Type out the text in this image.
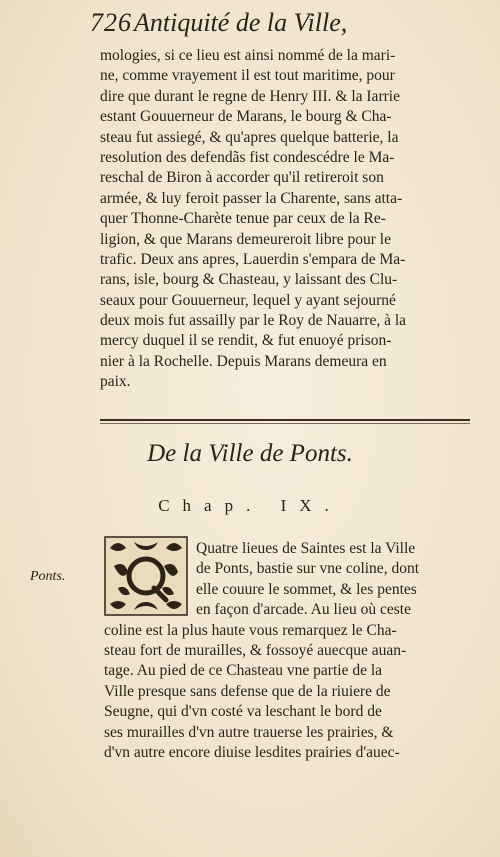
726 Antiquité de la Ville,
mologies, si ce lieu est ainsi nommé de la mari-
ne, comme vrayement il est tout maritime, pour
dire que durant le regne de Henry III. & la Iarrie
estant Gouuerneur de Marans, le bourg & Cha-
steau fut assiegé, & qu'apres quelque batterie, la
resolution des defendãs fist condescédre le Ma-
reschal de Biron à accorder qu'il retireroit son
armée, & luy feroit passer la Charente, sans atta-
quer Thonne-Charète tenue par ceux de la Re-
ligion, & que Marans demeureroit libre pour le
trafic. Deux ans apres, Lauerdin s'empara de Ma-
rans, isle, bourg & Chasteau, y laissant des Clu-
seaux pour Gouuerneur, lequel y ayant sejourné
deux mois fut assailly par le Roy de Nauarre, à la
mercy duquel il se rendit, & fut enuoyé prison-
nier à la Rochelle. Depuis Marans demeura en
paix.
De la Ville de Ponts.
Chap. IX.
Ponts.
Quatre lieues de Saintes est la Ville
de Ponts, bastie sur vne coline, dont
elle couure le sommet, & les pentes
en façon d'arcade. Au lieu où ceste
coline est la plus haute vous remarquez le Cha-
steau fort de murailles, & fossoyé auecque auan-
tage. Au pied de ce Chasteau vne partie de la
Ville presque sans defense que de la riuiere de
Seugne, qui d'vn costé va leschant le bord de
ses murailles d'vn autre trauerse les prairies, &
d'vn autre encore diuise lesdites prairies d'auec-
